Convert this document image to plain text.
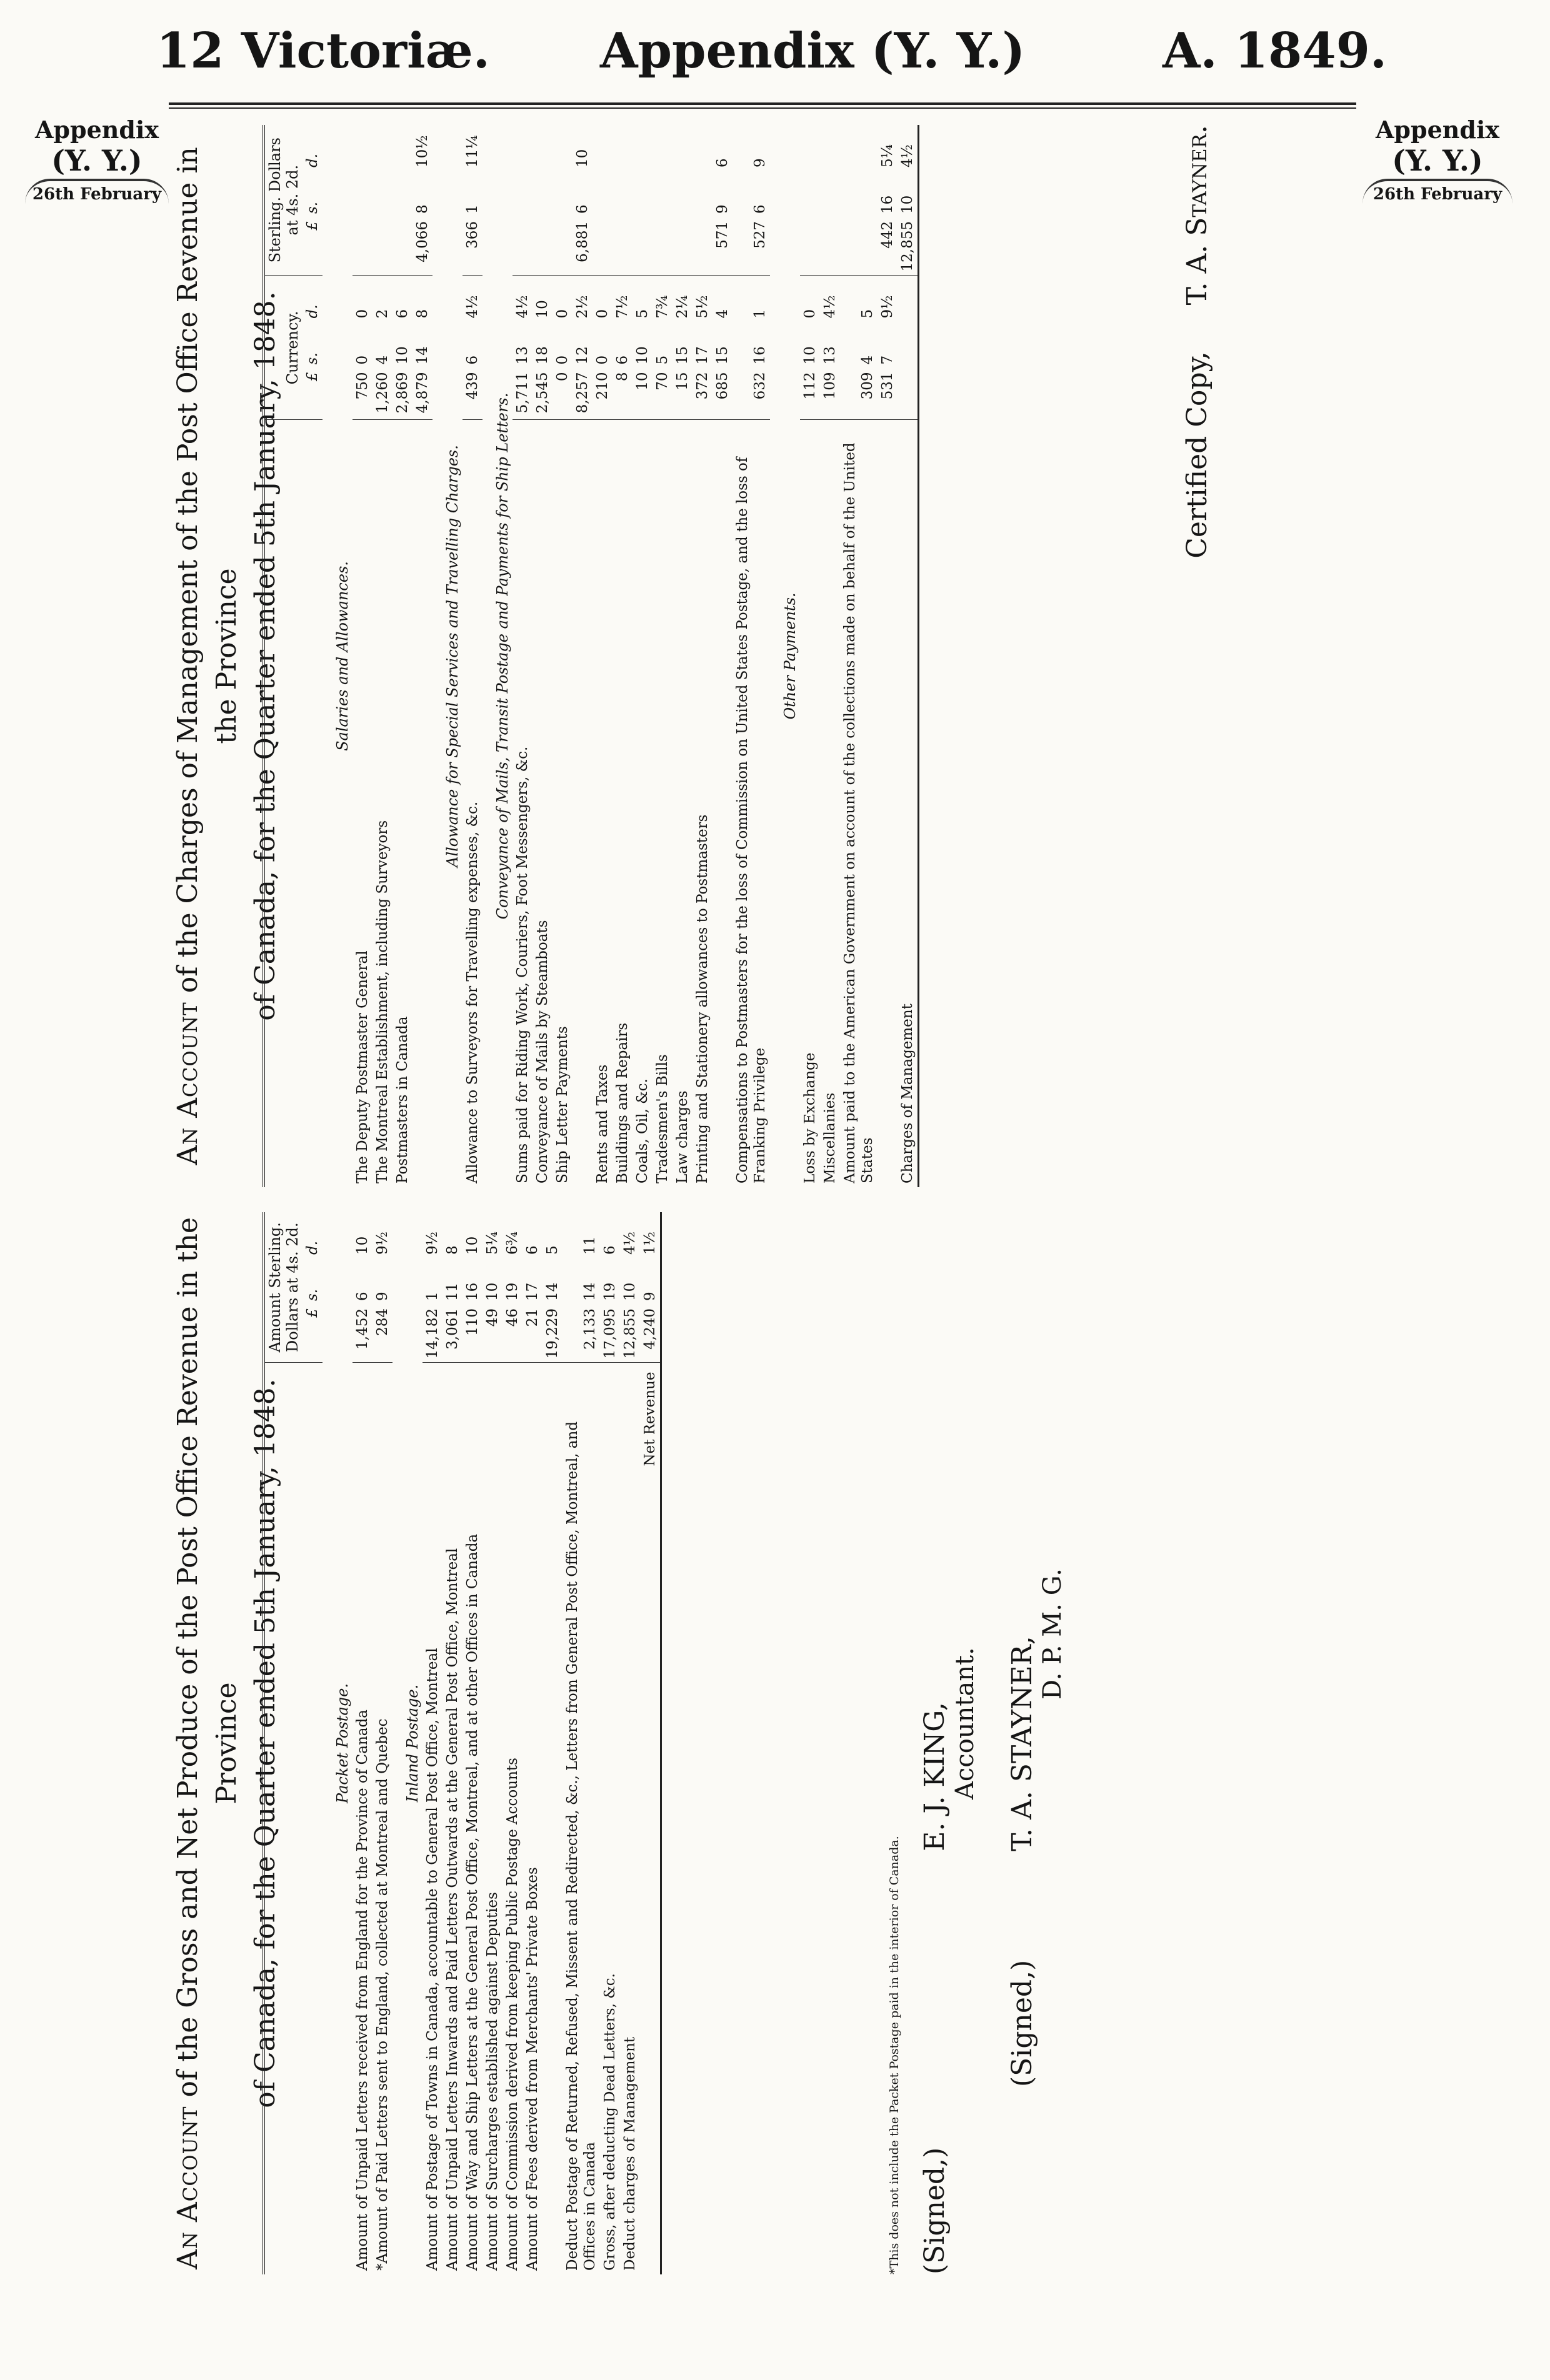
12 Victoriæ. Appendix (Y. Y.)	A. 1849.
Appendix
(Y. Y.)
26th February
Appendix
(Y. Y.)
26th February
An Account of the Gross and Net Produce of the Post Office Revenue in the Province of Canada, for the Quarter ended 5th January, 1848.
	Amount Sterling. Dollars at 4s. 2d.		
	£	s.	d.
Packet Postage.			
Amount of Unpaid Letters received from England for the Province of Canada	1,452	6	10
*Amount of Paid Letters sent to England, collected at Montreal and Quebec	284	9	9½
Inland Postage.			
Amount of Postage of Towns in Canada, accountable to General Post Office, Montreal	14,182	1	9½
Amount of Unpaid Letters Inwards and Paid Letters Outwards at the General Post Office, Montreal	3,061	11	8
Amount of Way and Ship Letters at the General Post Office, Montreal, and at other Offices in Canada	110	16	10
Amount of Surcharges established against Deputies	49	10	5¼
Amount of Commission derived from keeping Public Postage Accounts	46	19	6¾
Amount of Fees derived from Merchants' Private Boxes	21	17	6
	19,229	14	5
Deduct Postage of Returned, Refused, Missent and Redirected, &c., Letters from General Post Office, Montreal, and Offices in Canada	2,133	14	11
Gross, after deducting Dead Letters, &c.	17,095	19	6
Deduct charges of Management	12,855	10	4½
Net Revenue	4,240	9	1½
*This does not include the Packet Postage paid in the interior of Canada. (Signed,) E. J. KING, Accountant.
(Signed,) T. A. STAYNER,
D. P. M. G.
An Account of the Charges of Management of the Post Office Revenue in the Province of Canada, for the Quarter ended 5th January, 1848.
	Currency.			Sterling. Dollars at 4s. 2d.		
	£	s.	d.	£	s.	d.
Salaries and Allowances.						
The Deputy Postmaster General	750	0	0			
The Montreal Establishment, including Surveyors	1,260	4	2			
Postmasters in Canada	2,869	10	6			
	4,879	14	8	4,066	8	10½
Allowance for Special Services and Travelling Charges.						
Allowance to Surveyors for Travelling expenses, &c.	439	6	4½	366	1	11¼
Conveyance of Mails, Transit Postage and Payments for Ship Letters.						
Sums paid for Riding Work, Couriers, Foot Messengers, &c.	5,711	13	4½			
Conveyance of Mails by Steamboats	2,545	18	10			
Ship Letter Payments	0	0	0			
	8,257	12	2½	6,881	6	10
Rents and Taxes	210	0	0			
Buildings and Repairs	8	6	7½			
Coals, Oil, &c.	10	10	5			
Tradesmen's Bills	70	5	7¾			
Law charges	15	15	2¼			
Printing and Stationery allowances to Postmasters	372	17	5½			
	685	15	4	571	9	6
Compensations to Postmasters for the loss of Commission on United States Postage, and the loss of Franking Privilege	632	16	1	527	6	9
Other Payments.						
Loss by Exchange	112	10	0			
Miscellanies	109	13	4½			
Amount paid to the American Government on account of the collections made on behalf of the United States	309	4	5			
	531	7	9½	442	16	5¼
Charges of Management				12,855	10	4½
Certified Copy, T. A. Stayner.
